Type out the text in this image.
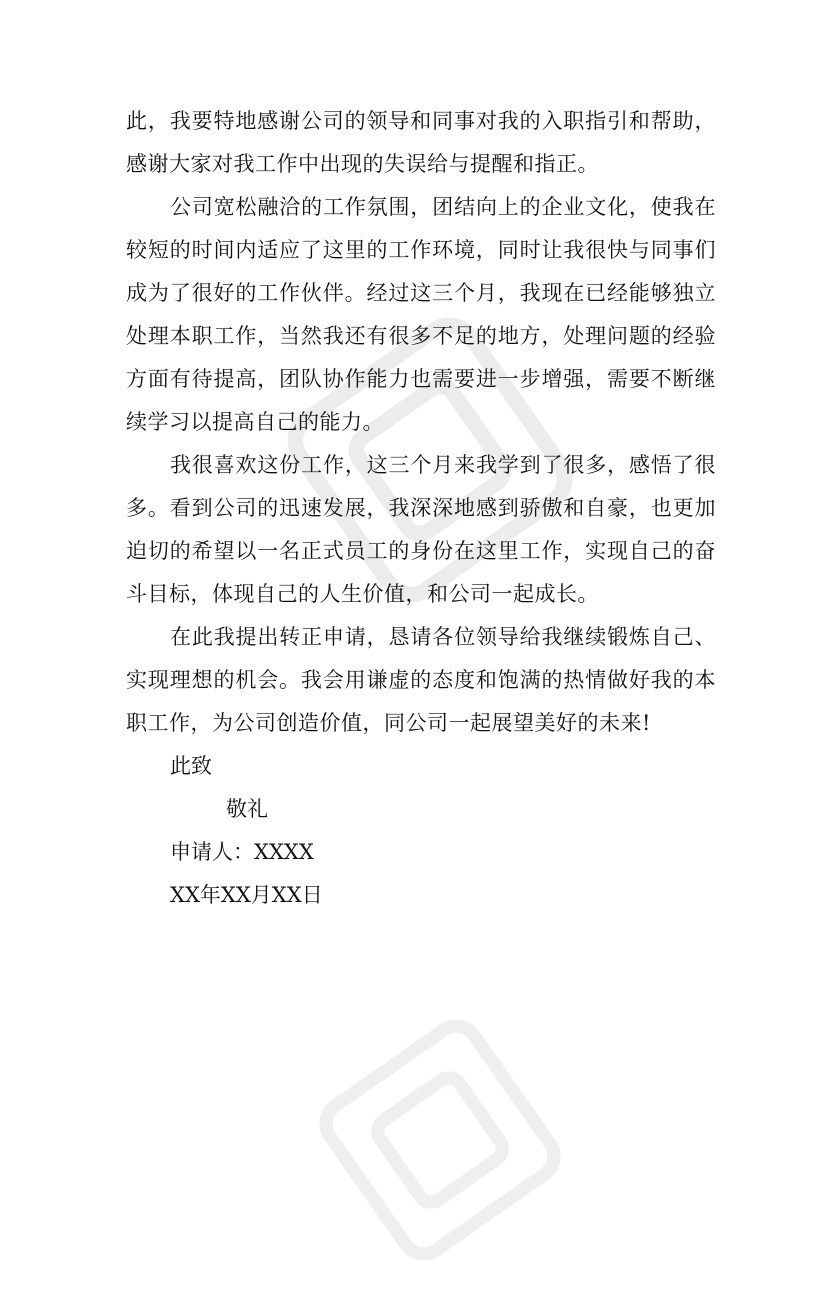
此，我要特地感谢公司的领导和同事对我的入职指引和帮助，感谢大家对我工作中出现的失误给与提醒和指正。

公司宽松融洽的工作氛围，团结向上的企业文化，使我在较短的时间内适应了这里的工作环境，同时让我很快与同事们成为了很好的工作伙伴。经过这三个月，我现在已经能够独立处理本职工作，当然我还有很多不足的地方，处理问题的经验方面有待提高，团队协作能力也需要进一步增强，需要不断继续学习以提高自己的能力。

我很喜欢这份工作，这三个月来我学到了很多，感悟了很多。看到公司的迅速发展，我深深地感到骄傲和自豪，也更加迫切的希望以一名正式员工的身份在这里工作，实现自己的奋斗目标，体现自己的人生价值，和公司一起成长。

在此我提出转正申请，恳请各位领导给我继续锻炼自己、实现理想的机会。我会用谦虚的态度和饱满的热情做好我的本职工作，为公司创造价值，同公司一起展望美好的未来!

此致

敬礼

申请人：XXXX

XX年XX月XX日
